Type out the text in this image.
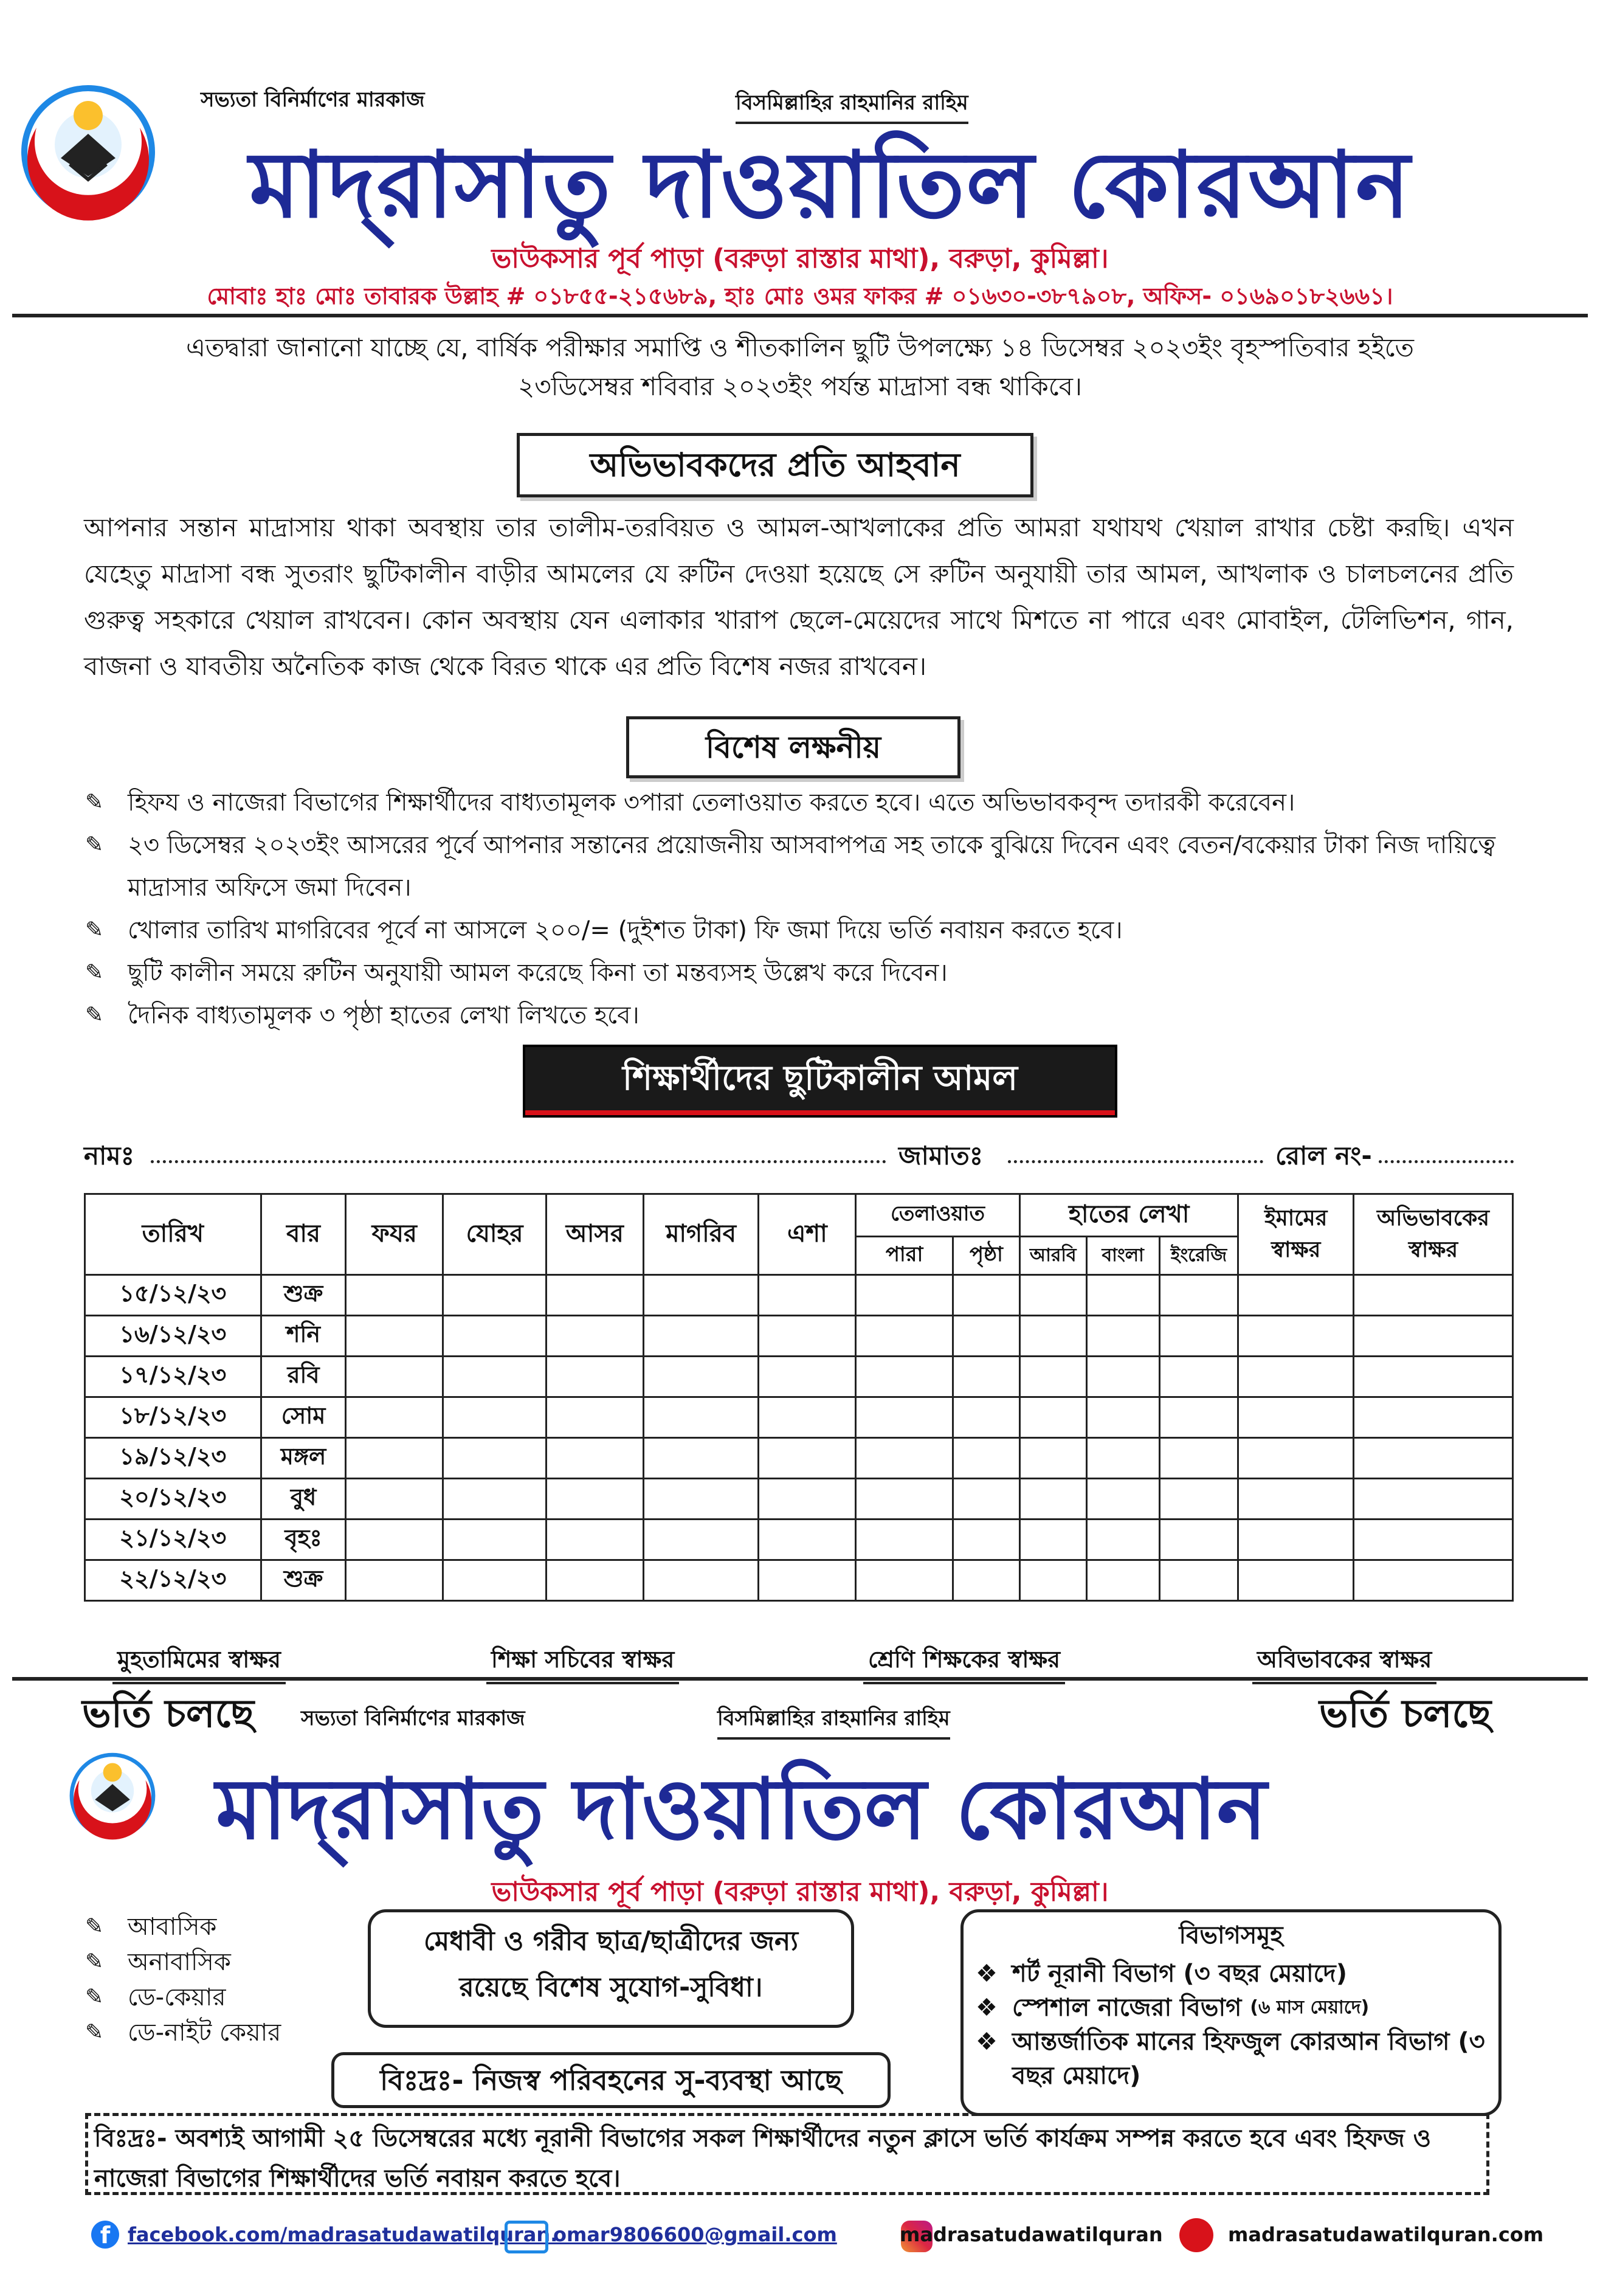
সভ্যতা বিনির্মাণের মারকাজ	বিসমিল্লাহির রাহমানির রাহিম
মাদ্‌রাসাতু দাওয়াতিল কোরআন
ভাউকসার পূর্ব পাড়া (বরুড়া রাস্তার মাথা), বরুড়া, কুমিল্লা।
মোবাঃ হাঃ মোঃ তাবারক উল্লাহ # ০১৮৫৫-২১৫৬৮৯, হাঃ মোঃ ওমর ফাকর # ০১৬৩০-৩৮৭৯০৮, অফিস- ০১৬৯০১৮২৬৬১।
এতদ্বারা জানানো যাচ্ছে যে, বার্ষিক পরীক্ষার সমাপ্তি ও শীতকালিন ছুটি উপলক্ষ্যে ১৪ ডিসেম্বর ২০২৩ইং বৃহস্পতিবার হইতে
২৩ডিসেম্বর শবিবার ২০২৩ইং পর্যন্ত মাদ্রাসা বন্ধ থাকিবে।
অভিভাবকদের প্রতি আহবান
আপনার সন্তান মাদ্রাসায় থাকা অবস্থায় তার তালীম-তরবিয়ত ও আমল-আখলাকের প্রতি আমরা যথাযথ খেয়াল রাখার চেষ্টা করছি। এখন যেহেতু মাদ্রাসা বন্ধ সুতরাং ছুটিকালীন বাড়ীর আমলের যে রুটিন দেওয়া হয়েছে সে রুটিন অনুযায়ী তার আমল, আখলাক ও চালচলনের প্রতি গুরুত্ব সহকারে খেয়াল রাখবেন। কোন অবস্থায় যেন এলাকার খারাপ ছেলে-মেয়েদের সাথে মিশতে না পারে এবং মোবাইল, টেলিভিশন, গান, বাজনা ও যাবতীয় অনৈতিক কাজ থেকে বিরত থাকে এর প্রতি বিশেষ নজর রাখবেন।
বিশেষ লক্ষনীয়
✎ হিফয ও নাজেরা বিভাগের শিক্ষার্থীদের বাধ্যতামূলক ৩পারা তেলাওয়াত করতে হবে। এতে অভিভাবকবৃন্দ তদারকী করেবেন।
✎ ২৩ ডিসেম্বর ২০২৩ইং আসরের পূর্বে আপনার সন্তানের প্রয়োজনীয় আসবাপপত্র সহ তাকে বুঝিয়ে দিবেন এবং বেতন/বকেয়ার টাকা নিজ দায়িত্বে মাদ্রাসার অফিসে জমা দিবেন।
✎ খোলার তারিখ মাগরিবের পূর্বে না আসলে ২০০/= (দুইশত টাকা) ফি জমা দিয়ে ভর্তি নবায়ন করতে হবে।
✎ ছুটি কালীন সময়ে রুটিন অনুযায়ী আমল করেছে কিনা তা মন্তব্যসহ উল্লেখ করে দিবেন।
✎ দৈনিক বাধ্যতামূলক ৩ পৃষ্ঠা হাতের লেখা লিখতে হবে।
শিক্ষার্থীদের ছুটিকালীন আমল
নামঃ	জামাতঃ	রোল নং-
তারিখ	বার	ফযর	যোহর	আসর	মাগরিব	এশা	তেলাওয়াত		হাতের লেখা			ইমামের স্বাক্ষর	অভিভাবকের স্বাক্ষর
							পারা	পৃষ্ঠা	আরবি	বাংলা	ইংরেজি		
১৫/১২/২৩	শুক্র												
১৬/১২/২৩	শনি												
১৭/১২/২৩	রবি												
১৮/১২/২৩	সোম												
১৯/১২/২৩	মঙ্গল												
২০/১২/২৩	বুধ												
২১/১২/২৩	বৃহঃ												
২২/১২/২৩	শুক্র												
মুহতামিমের স্বাক্ষর	শিক্ষা সচিবের স্বাক্ষর	শ্রেণি শিক্ষকের স্বাক্ষর	অবিভাবকের স্বাক্ষর
ভর্তি চলছে	ভর্তি চলছে
সভ্যতা বিনির্মাণের মারকাজ	বিসমিল্লাহির রাহমানির রাহিম
মাদ্‌রাসাতু দাওয়াতিল কোরআন
ভাউকসার পূর্ব পাড়া (বরুড়া রাস্তার মাথা), বরুড়া, কুমিল্লা।
✎ আবাসিক
✎ অনাবাসিক
✎ ডে-কেয়ার
✎ ডে-নাইট কেয়ার
মেধাবী ও গরীব ছাত্র/ছাত্রীদের জন্য
রয়েছে বিশেষ সুযোগ-সুবিধা।
বিঃদ্রঃ- নিজস্ব পরিবহনের সু-ব্যবস্থা আছে
বিভাগসমূহ
❖ শর্ট নূরানী বিভাগ (৩ বছর মেয়াদে)
❖ স্পেশাল নাজেরা বিভাগ
(৬ মাস মেয়াদে)
❖ আন্তর্জাতিক মানের হিফজুল কোরআন বিভাগ (৩ বছর মেয়াদে)
বিঃদ্রঃ- অবশ্যই আগামী ২৫ ডিসেম্বরের মধ্যে নূরানী বিভাগের সকল শিক্ষার্থীদের নতুন ক্লাসে ভর্তি কার্যক্রম সম্পন্ন করতে হবে এবং হিফজ ও নাজেরা বিভাগের শিক্ষার্থীদের ভর্তি নবায়ন করতে হবে।
f facebook.com/madrasatudawatilquran.

omar9806600@gmail.com	madrasatudawatilquran	madrasatudawatilquran.com
